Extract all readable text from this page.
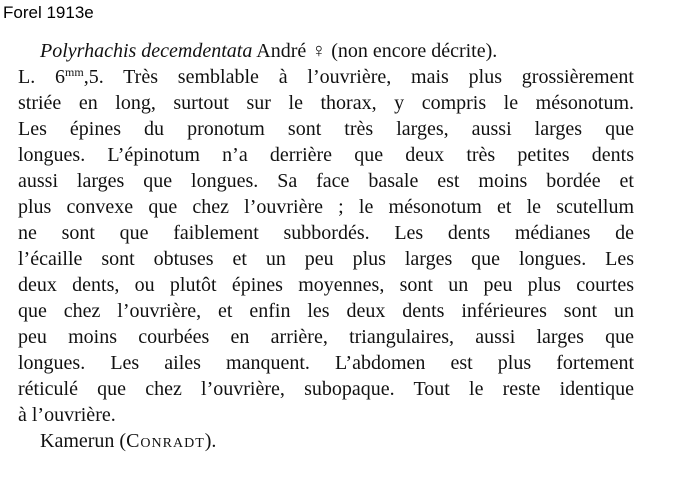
Forel 1913e
Polyrhachis decemdentata André ♀ (non encore décrite).
L. $6^{mm},5$. Très semblable à l’ouvrière, mais plus grossièrement
striée en long, surtout sur le thorax, y compris le mésonotum.
Les épines du pronotum sont très larges, aussi larges que
longues. L’épinotum n’a derrière que deux très petites dents
aussi larges que longues. Sa face basale est moins bordée et
plus convexe que chez l’ouvrière ; le mésonotum et le scutellum
ne sont que faiblement subbordés. Les dents médianes de
l’écaille sont obtuses et un peu plus larges que longues. Les
deux dents, ou plutôt épines moyennes, sont un peu plus courtes
que chez l’ouvrière, et enfin les deux dents inférieures sont un
peu moins courbées en arrière, triangulaires, aussi larges que
longues. Les ailes manquent. L’abdomen est plus fortement
réticulé que chez l’ouvrière, subopaque. Tout le reste identique
à l’ouvrière.
Kamerun (Conradt).
